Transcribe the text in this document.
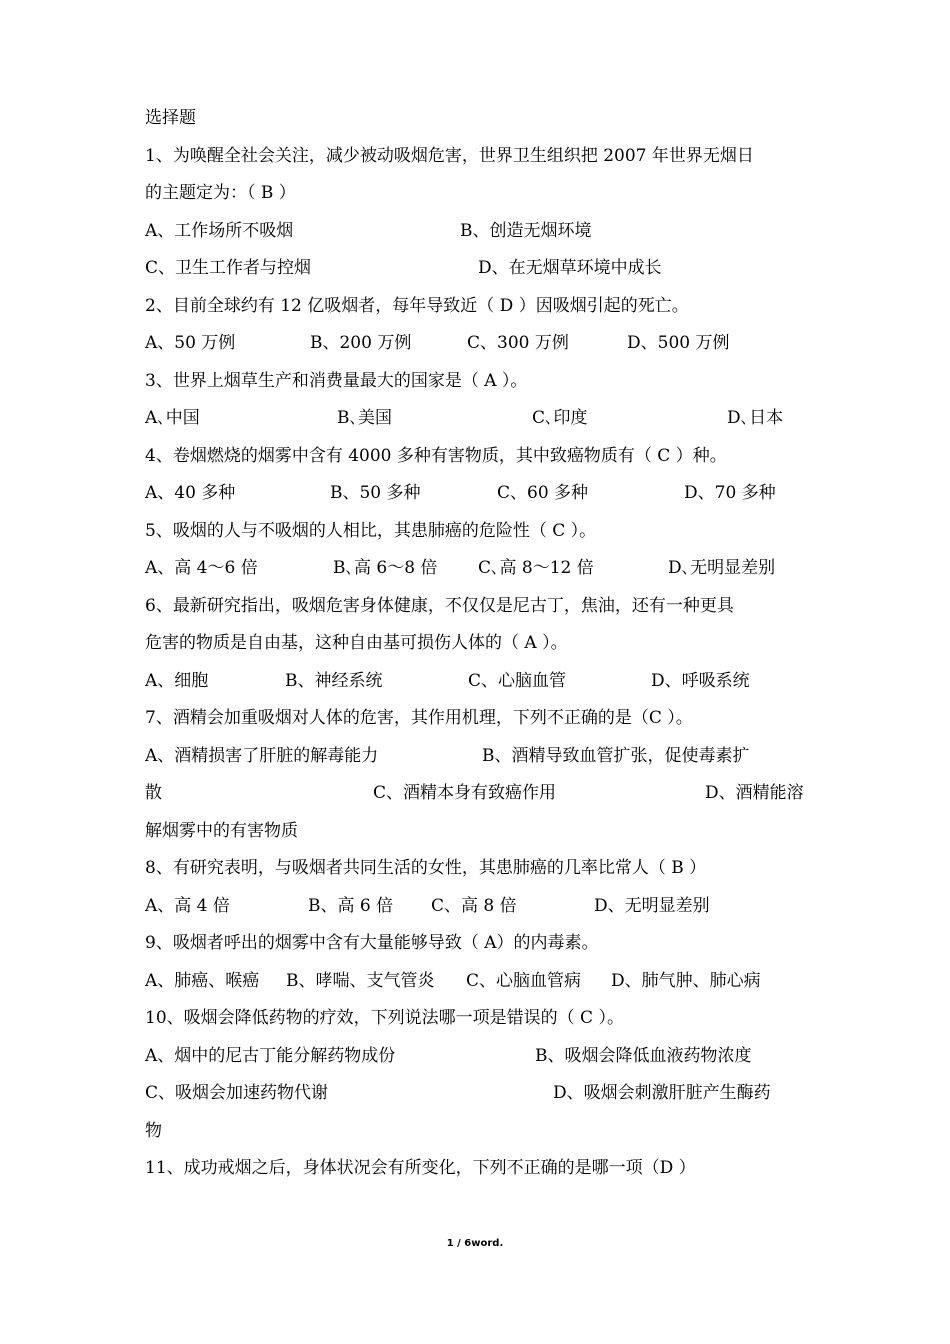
选择题
1、为唤醒全社会关注，减少被动吸烟危害，世界卫生组织把 2007 年世界无烟日
的主题定为：（ B ）
A、工作场所不吸烟	B、创造无烟环境
C、卫生工作者与控烟	D、在无烟草环境中成长
2、目前全球约有 12 亿吸烟者，每年导致近（ D ）因吸烟引起的死亡。
A、50 万例	B、200 万例	C、300 万例	D、500 万例
3、世界上烟草生产和消费量最大的国家是（ A ）。
A､中国	B､美国	C､印度	D､日本
4、卷烟燃烧的烟雾中含有 4000 多种有害物质，其中致癌物质有（ C ）种。
A、40 多种	B、50 多种	C、60 多种	D、70 多种
5、吸烟的人与不吸烟的人相比，其患肺癌的危险性（ C ）。
A、高 4～6 倍	B､高 6～8 倍	C､高 8～12 倍	D､无明显差别
6、最新研究指出，吸烟危害身体健康，不仅仅是尼古丁，焦油，还有一种更具
危害的物质是自由基，这种自由基可损伤人体的（ A ）。
A、细胞	B、神经系统	C、心脑血管	D、呼吸系统
7、酒精会加重吸烟对人体的危害，其作用机理，下列不正确的是（C ）。
A、酒精损害了肝脏的解毒能力	B、酒精导致血管扩张，促使毒素扩
散	C、酒精本身有致癌作用	D、酒精能溶
解烟雾中的有害物质
8、有研究表明，与吸烟者共同生活的女性，其患肺癌的几率比常人（ B ）
A、高 4 倍	B、高 6 倍	C、高 8 倍	D、无明显差别
9、吸烟者呼出的烟雾中含有大量能够导致（ A）的内毒素。
A、肺癌、喉癌	B、哮喘、支气管炎	C、心脑血管病	D、肺气肿、肺心病
10、吸烟会降低药物的疗效，下列说法哪一项是错误的（ C ）。
A、烟中的尼古丁能分解药物成份	B、吸烟会降低血液药物浓度
C、吸烟会加速药物代谢	D、吸烟会刺激肝脏产生酶药
物
11、成功戒烟之后，身体状况会有所变化，下列不正确的是哪一项（D ）
1 / 6word.
